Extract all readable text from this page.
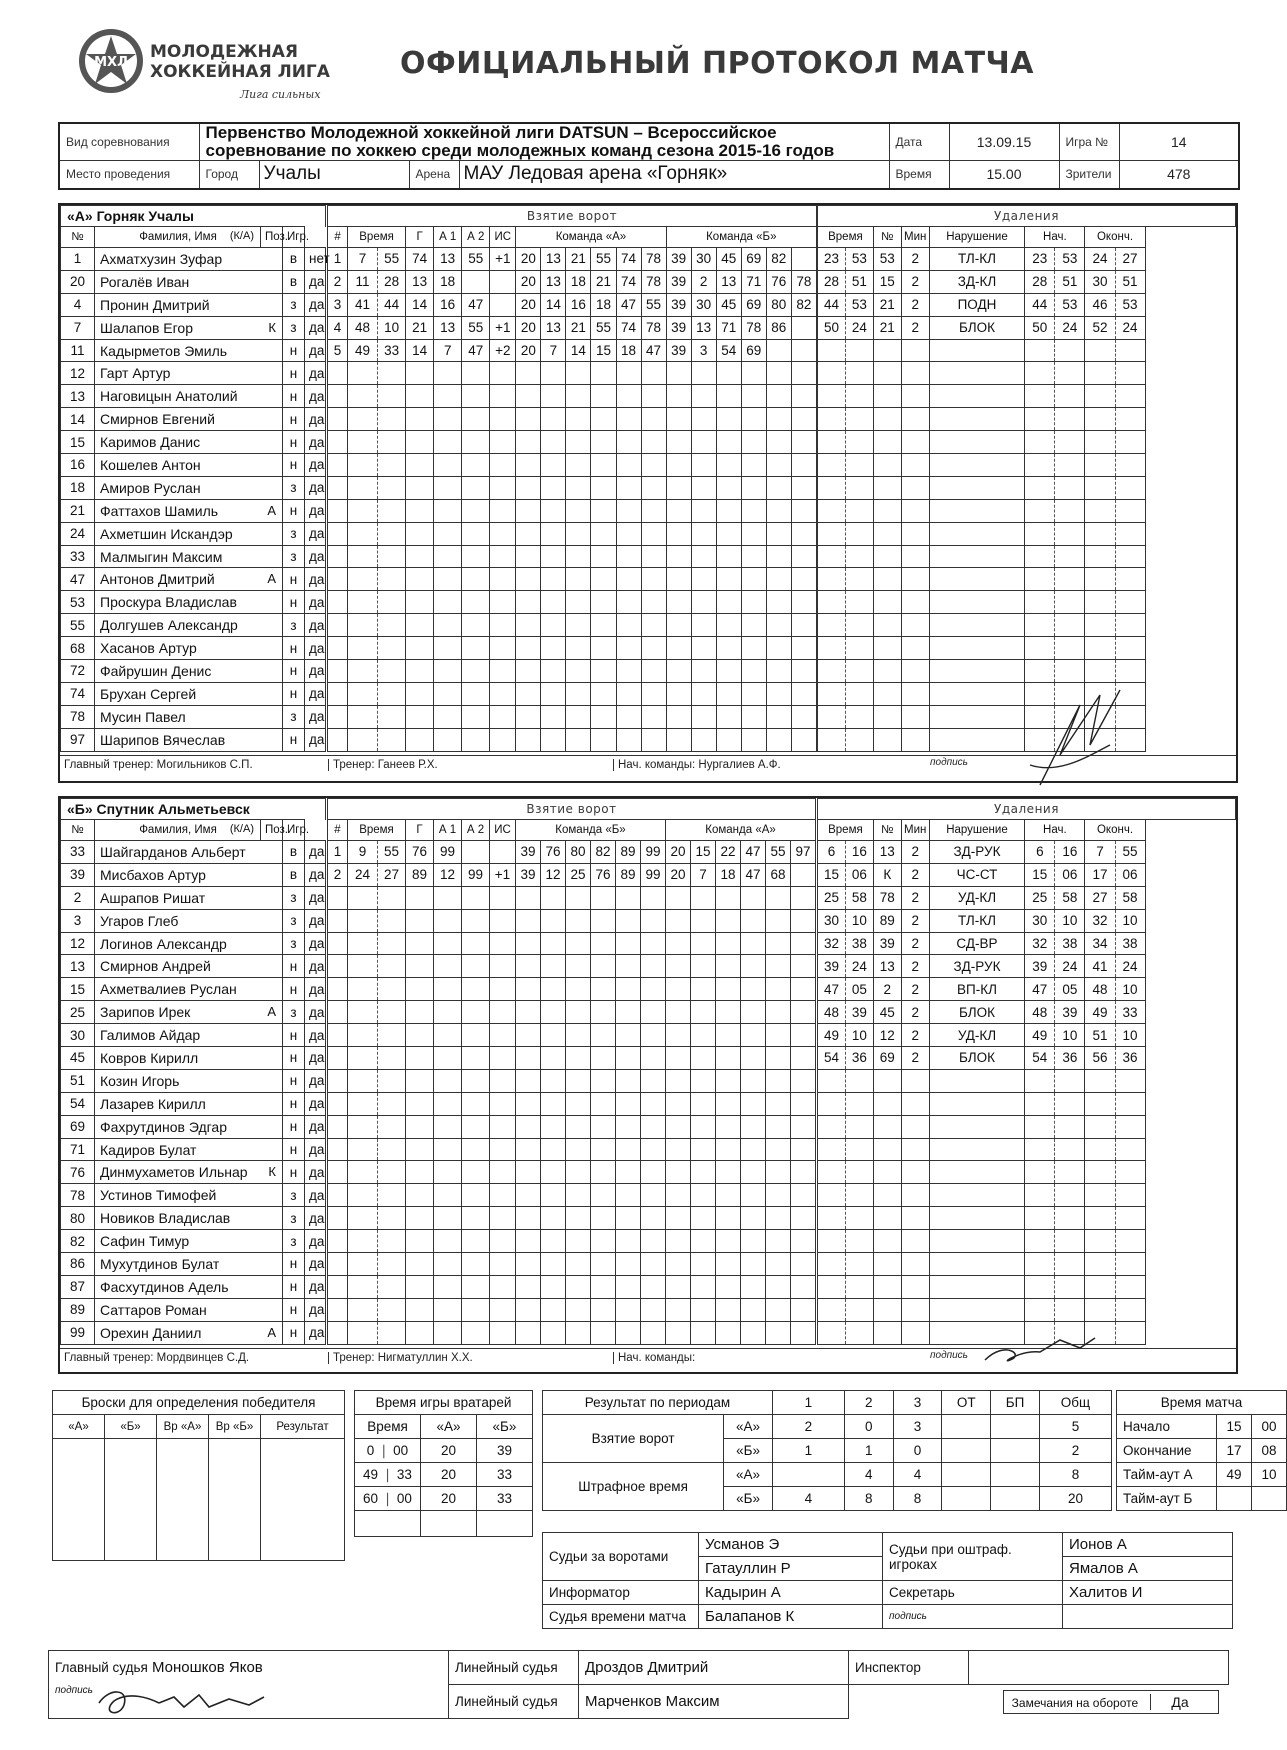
МХЛ
МОЛОДЕЖНАЯ
ХОККЕЙНАЯ ЛИГА
Лига сильных
ОФИЦИАЛЬНЫЙ ПРОТОКОЛ МАТЧА
Вид соревнования	Первенство Молодежной хоккейной лиги DATSUN – Всероссийское соревнование по хоккею среди молодежных команд сезона 2015-16 годов				Дата	13.09.15	Игра №	14
Место проведения	Город	Учалы	Арена	МАУ Ледовая арена «Горняк»	Время	15.00	Зрители	478
«А» Горняк Учалы				
№	Фамилия, Имя (К/А)	Поз.	Игр.	
1	Ахматхузин Зуфар		в	нет
20	Рогалёв Иван		в	да
4	Пронин Дмитрий		з	да
7	Шалапов Егор К		з	да
11	Кадырметов Эмиль		н	да
12	Гарт Артур		н	да
13	Наговицын Анатолий		н	да
14	Смирнов Евгений		н	да
15	Каримов Данис		н	да
16	Кошелев Антон		н	да
18	Амиров Руслан		з	да
21	Фаттахов Шамиль А		н	да
24	Ахметшин Искандэр		з	да
33	Малмыгин Максим		з	да
47	Антонов Дмитрий А		н	да
53	Проскура Владислав		н	да
55	Долгушев Александр		з	да
68	Хасанов Артур		н	да
72	Файрушин Денис		н	да
74	Брухан Сергей		н	да
78	Мусин Павел		з	да
97	Шарипов Вячеслав		н	да
Взятие ворот																		
#	Время		Г	А 1	А 2	ИС	Команда «А»						Команда «Б»					
1	7	55	74	13	55	+1	20	13	21	55	74	78	39	30	45	69	82	
2	11	28	13	18			20	13	18	21	74	78	39	2	13	71	76	78
3	41	44	14	16	47		20	14	16	18	47	55	39	30	45	69	80	82
4	48	10	21	13	55	+1	20	13	21	55	74	78	39	13	71	78	86	
5	49	33	14	7	47	+2	20	7	14	15	18	47	39	3	54	69		

Удаления									
Время		№	Мин	Нарушение	Нач.		Оконч.		
23	53	53	2	ТЛ-КЛ	23	53	24	27	
28	51	15	2	ЗД-КЛ	28	51	30	51	
44	53	21	2	ПОДН	44	53	46	53	
50	24	21	2	БЛОК	50	24	52	24	

Главный тренер: Могильников С.П.	Тренер: Ганеев Р.Х.	Нач. команды: Нургалиев А.Ф.	подпись
«Б» Спутник Альметьевск				
№	Фамилия, Имя (К/А)	Поз.	Игр.	
33	Шайгарданов Альберт		в	да
39	Мисбахов Артур		в	да
2	Ашрапов Ришат		з	да
3	Угаров Глеб		з	да
12	Логинов Александр		з	да
13	Смирнов Андрей		н	да
15	Ахметвалиев Руслан		н	да
25	Зарипов Ирек А		з	да
30	Галимов Айдар		н	да
45	Ковров Кирилл		н	да
51	Козин Игорь		н	да
54	Лазарев Кирилл		н	да
69	Фахрутдинов Эдгар		н	да
71	Кадиров Булат		н	да
76	Динмухаметов Ильнар К		н	да
78	Устинов Тимофей		з	да
80	Новиков Владислав		з	да
82	Сафин Тимур		з	да
86	Мухутдинов Булат		н	да
87	Фасхутдинов Адель		н	да
89	Саттаров Роман		н	да
99	Орехин Даниил А		н	да
Взятие ворот																		
#	Время		Г	А 1	А 2	ИС	Команда «Б»						Команда «А»					
1	9	55	76	99			39	76	80	82	89	99	20	15	22	47	55	97
2	24	27	89	12	99	+1	39	12	25	76	89	99	20	7	18	47	68	

Удаления									
Время		№	Мин	Нарушение	Нач.		Оконч.		
6	16	13	2	ЗД-РУК	6	16	7	55	
15	06	К	2	ЧС-СТ	15	06	17	06	
25	58	78	2	УД-КЛ	25	58	27	58	
30	10	89	2	ТЛ-КЛ	30	10	32	10	
32	38	39	2	СД-ВР	32	38	34	38	
39	24	13	2	ЗД-РУК	39	24	41	24	
47	05	2	2	ВП-КЛ	47	05	48	10	
48	39	45	2	БЛОК	48	39	49	33	
49	10	12	2	УД-КЛ	49	10	51	10	
54	36	69	2	БЛОК	54	36	56	36	

Главный тренер: Мордвинцев С.Д.	Тренер: Нигматуллин Х.Х.	Нач. команды:	подпись
Броски для определения победителя				
«А»	«Б»	Вр «А»	Вр «Б»	Результат

Время игры вратарей		
Время	«А»	«Б»
0 ❘ 00	20	39
49 ❘ 33	20	33
60 ❘ 00	20	33

Результат по периодам		1	2	3	ОТ	БП	Общ
Взятие ворот	«А»	2	0	3			5
	«Б»	1	1	0			2
Штрафное время	«А»		4	4			8
	«Б»	4	8	8			20
Время матча		
Начало	15	00
Окончание	17	08
Тайм-аут А	49	10
Тайм-аут Б		
Судьи за воротами	Усманов Э	Судьи при оштраф. игроках	Ионов А
	Гатауллин Р		Ямалов А
Информатор	Кадырин А	Секретарь	Халитов И
Судья времени матча	Балапанов К	подпись	
Главный судья Моношков Яков	Линейный судья	Дроздов Дмитрий	Инспектор	
подпись	Линейный судья	Марченков Максим	Замечания на обороте Да	
